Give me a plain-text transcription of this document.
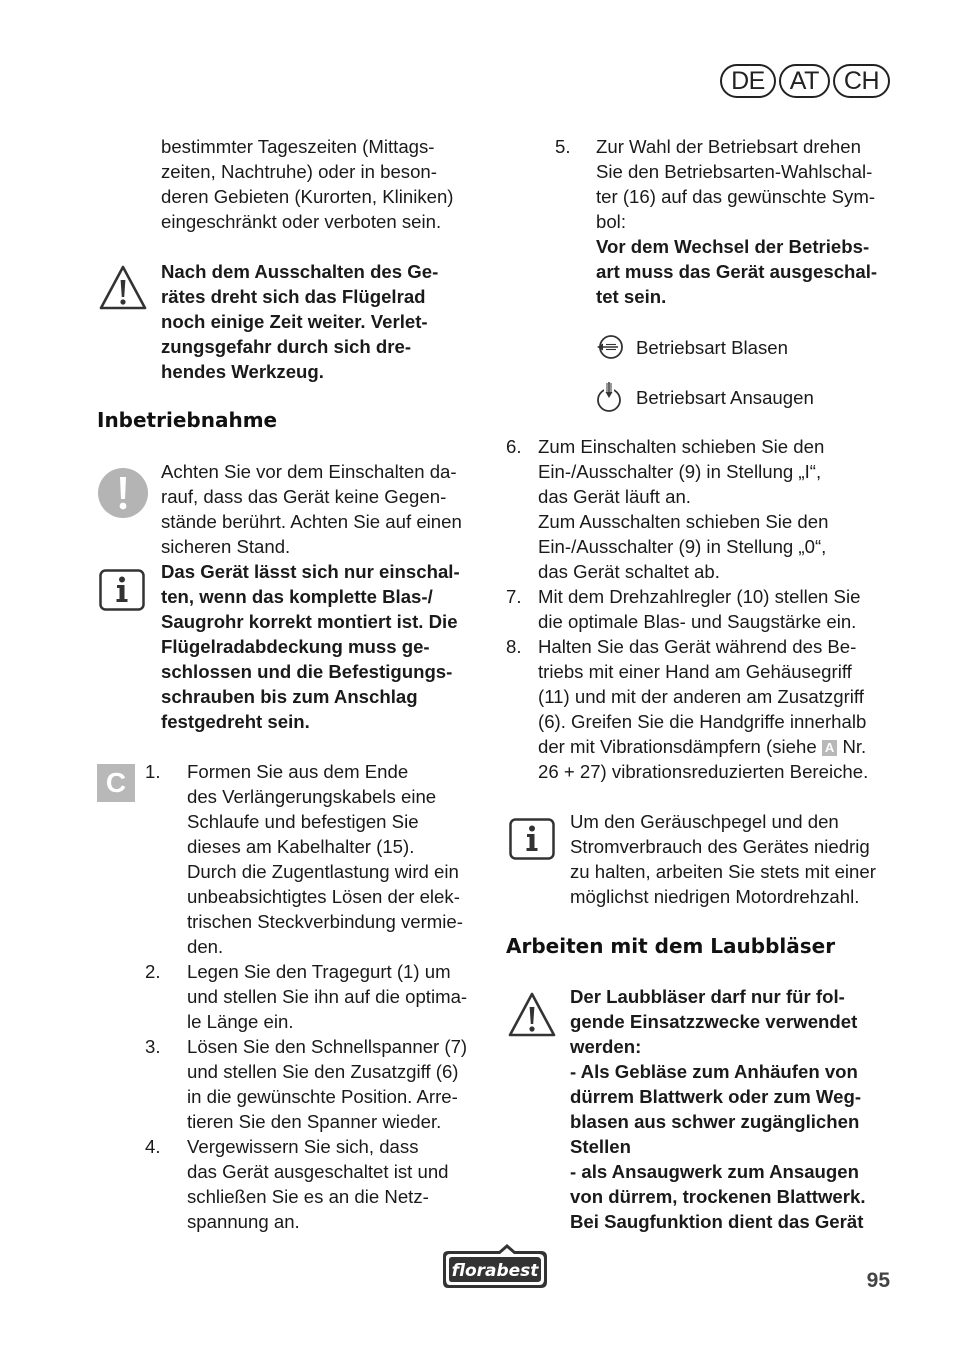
DE	AT	CH

bestimmter Tageszeiten (Mittags-

zeiten, Nachtruhe) oder in beson-

deren Gebieten (Kurorten, Kliniken)

eingeschränkt oder verboten sein.

Nach dem Ausschalten des Ge-

rätes dreht sich das Flügelrad

noch einige Zeit weiter. Verlet-

zungsgefahr durch sich dre-

hendes Werkzeug.

Inbetriebnahme

Achten Sie vor dem Einschalten da-

rauf, dass das Gerät keine Gegen-

stände berührt. Achten Sie auf einen

sicheren Stand.

Das Gerät lässt sich nur einschal-

ten, wenn das komplette Blas-/

Saugrohr korrekt montiert ist. Die

Flügelradabdeckung muss ge-

schlossen und die Befestigungs-

schrauben bis zum Anschlag

festgedreht sein.

C	1. Formen Sie aus dem Ende

des Verlängerungskabels eine

Schlaufe und befestigen Sie

dieses am Kabelhalter (15).

Durch die Zugentlastung wird ein

unbeabsichtigtes Lösen der elek-

trischen Steckverbindung vermie-

den.

2. Legen Sie den Tragegurt (1) um

und stellen Sie ihn auf die optima-

le Länge ein.

3. Lösen Sie den Schnellspanner (7)

und stellen Sie den Zusatzgiff (6)

in die gewünschte Position. Arre-

tieren Sie den Spanner wieder.

4. Vergewissern Sie sich, dass

das Gerät ausgeschaltet ist und

schließen Sie es an die Netz-

spannung an.

5. Zur Wahl der Betriebsart drehen

Sie den Betriebsarten-Wahlschal-

ter (16) auf das gewünschte Sym-

bol:

Vor dem Wechsel der Betriebs-

art muss das Gerät ausgeschal-

tet sein.

Betriebsart Blasen
Betriebsart Ansaugen
6. Zum Einschalten schieben Sie den

Ein-/Ausschalter (9) in Stellung „I“,

das Gerät läuft an.

Zum Ausschalten schieben Sie den

Ein-/Ausschalter (9) in Stellung „0“,

das Gerät schaltet ab.

7. Mit dem Drehzahlregler (10) stellen Sie

die optimale Blas- und Saugstärke ein.

8. Halten Sie das Gerät während des Be-

triebs mit einer Hand am Gehäusegriff

(11) und mit der anderen am Zusatzgriff

(6). Greifen Sie die Handgriffe innerhalb

der mit Vibrationsdämpfern (siehe A Nr.

26 + 27) vibrationsreduzierten Bereiche.

Um den Geräuschpegel und den

Stromverbrauch des Gerätes niedrig

zu halten, arbeiten Sie stets mit einer

möglichst niedrigen Motordrehzahl.

Arbeiten mit dem Laubbläser

Der Laubbläser darf nur für fol-

gende Einsatzzwecke verwendet

werden:

- Als Gebläse zum Anhäufen von

dürrem Blattwerk oder zum Weg-

blasen aus schwer zugänglichen

Stellen

- als Ansaugwerk zum Ansaugen

von dürrem, trockenen Blattwerk.

Bei Saugfunktion dient das Gerät

florabest	95
